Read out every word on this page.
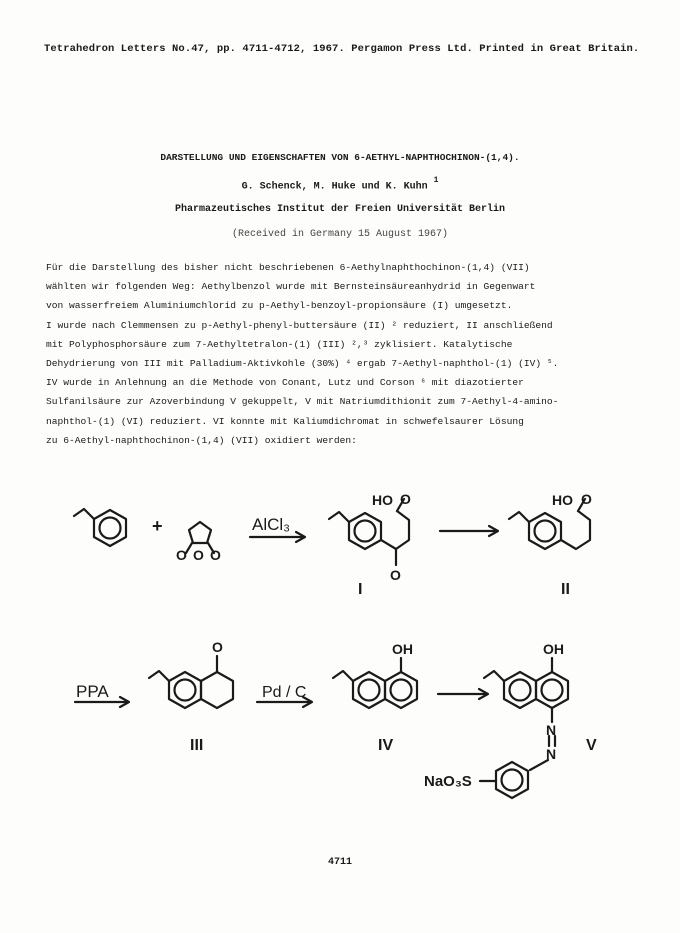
Tetrahedron Letters No.47, pp. 4711-4712, 1967. Pergamon Press Ltd. Printed in Great Britain.
DARSTELLUNG UND EIGENSCHAFTEN VON 6-AETHYL-NAPHTHOCHINON-(1,4).
G. Schenck, M. Huke und K. Kuhn $^1$
Pharmazeutisches Institut der Freien Universität Berlin
(Received in Germany 15 August 1967)
Für die Darstellung des bisher nicht beschriebenen 6-Aethylnaphthochinon-(1,4) (VII)
wählten wir folgenden Weg: Aethylbenzol wurde mit Bernsteinsäureanhydrid in Gegenwart
von wasserfreiem Aluminiumchlorid zu p-Aethyl-benzoyl-propionsäure (I) umgesetzt.
I wurde nach Clemmensen zu p-Aethyl-phenyl-buttersäure (II) ² reduziert, II anschließend
mit Polyphosphorsäure zum 7-Aethyltetralon-(1) (III) ²,³ zyklisiert. Katalytische
Dehydrierung von III mit Palladium-Aktivkohle (30%) ⁴ ergab 7-Aethyl-naphthol-(1) (IV) ⁵.
IV wurde in Anlehnung an die Methode von Conant, Lutz und Corson ⁶ mit diazotierter
Sulfanilsäure zur Azoverbindung V gekuppelt, V mit Natriumdithionit zum 7-Aethyl-4-amino-
naphthol-(1) (VI) reduziert. VI konnte mit Kaliumdichromat in schwefelsaurer Lösung
zu 6-Aethyl-naphthochinon-(1,4) (VII) oxidiert werden:
+
O O O
AlCl₃
HO O
O
I
HO O
II
PPA
O
III
Pd / C
OH
IV
OH
N
N
NaO₃S
V
4711
